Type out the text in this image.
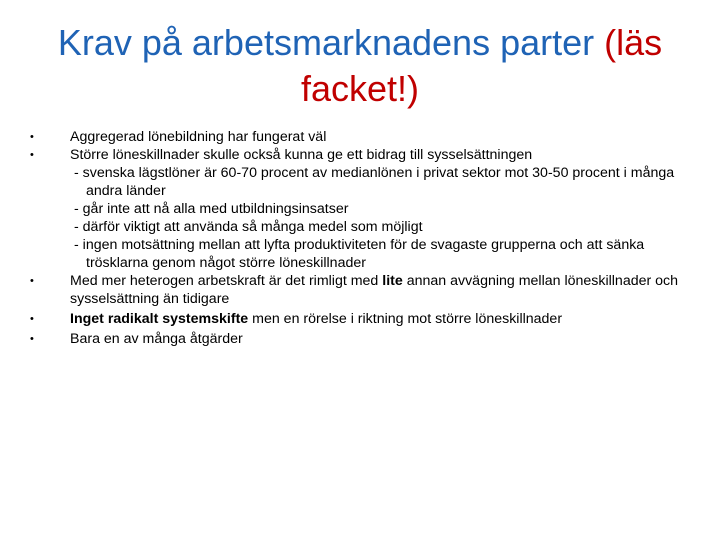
Krav på arbetsmarknadens parter (läs facket!)
• Aggregerad lönebildning har fungerat väl
• Större löneskillnader skulle också kunna ge ett bidrag till sysselsättningen
- svenska lägstlöner är 60-70 procent av medianlönen i privat sektor mot 30-50 procent i många andra länder
- går inte att nå alla med utbildningsinsatser
- därför viktigt att använda så många medel som möjligt
- ingen motsättning mellan att lyfta produktiviteten för de svagaste grupperna och att sänka trösklarna genom något större löneskillnader
• Med mer heterogen arbetskraft är det rimligt med lite annan avvägning mellan löneskillnader och sysselsättning än tidigare
• Inget radikalt systemskifte men en rörelse i riktning mot större löneskillnader
• Bara en av många åtgärder
